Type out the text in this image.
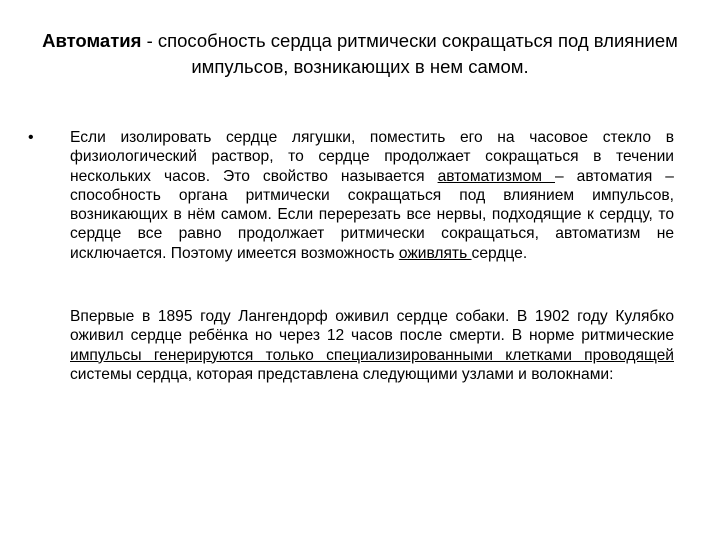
Автоматия - способность сердца ритмически сокращаться под влиянием импульсов, возникающих в нем самом.
• Если изолировать сердце лягушки, поместить его на часовое стекло в физиологический раствор, то сердце продолжает сокращаться в течении нескольких часов. Это свойство называется автоматизмом – автоматия – способность органа ритмически сокращаться под влиянием импульсов, возникающих в нём самом. Если перерезать все нервы, подходящие к сердцу, то сердце все равно продолжает ритмически сокращаться, автоматизм не исключается. Поэтому имеется возможность оживлять сердце.
Впервые в 1895 году Лангендорф оживил сердце собаки. В 1902 году Кулябко оживил сердце ребёнка но через 12 часов после смерти. В норме ритмические импульсы генерируются только специализированными клетками проводящей системы сердца, которая представлена следующими узлами и волокнами:
